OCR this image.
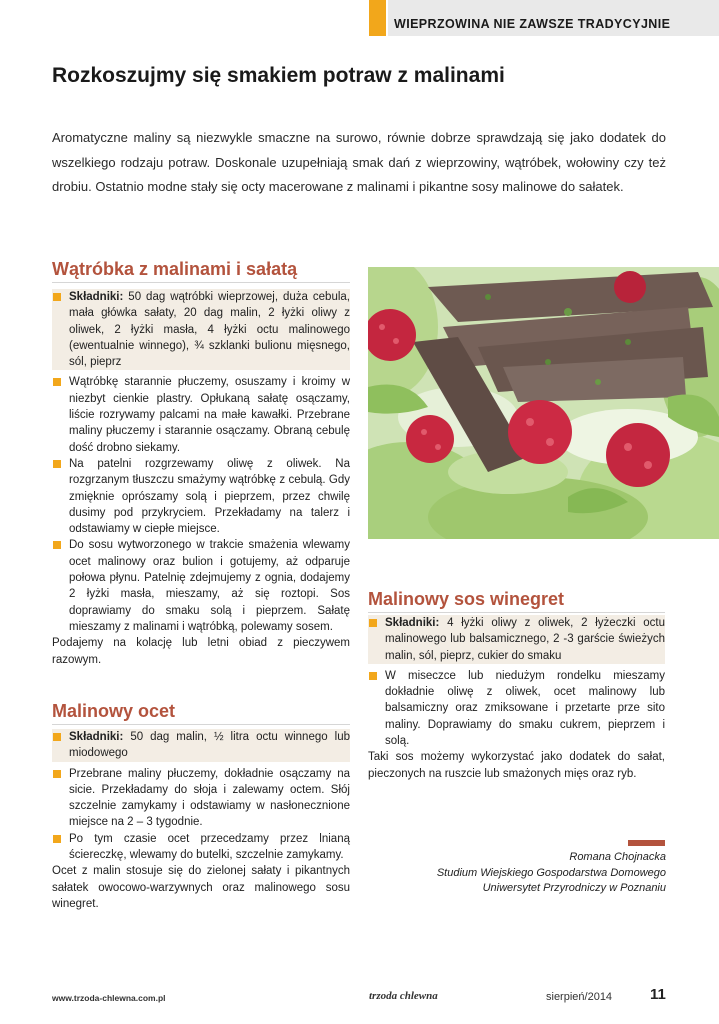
WIEPRZOWINA NIE ZAWSZE TRADYCYJNIE
Rozkoszujmy się smakiem potraw z malinami

Aromatyczne maliny są niezwykle smaczne na surowo, równie dobrze sprawdzają się jako dodatek do wszelkiego rodzaju potraw. Doskonale uzupełniają smak dań z wieprzowiny, wątróbek, wołowiny czy też drobiu. Ostatnio modne stały się octy macerowane z malinami i pikantne sosy malinowe do sałatek.

Wątróbka z malinami i sałatą
Składniki: 50 dag wątróbki wieprzowej, duża cebula, mała główka sałaty, 20 dag malin, 2 łyżki oliwy z oliwek, 2 łyżki masła, 4 łyżki octu malinowego (ewentualnie winnego), ¾ szklanki bulionu mięsnego, sól, pieprz
Wątróbkę starannie płuczemy, osuszamy i kroimy w niezbyt cienkie plastry. Opłukaną sałatę osączamy, liście rozrywamy palcami na małe kawałki. Przebrane maliny płuczemy i starannie osączamy. Obraną cebulę dość drobno siekamy.
Na patelni rozgrzewamy oliwę z oliwek. Na rozgrzanym tłuszczu smażymy wątróbkę z cebulą. Gdy zmięknie oprószamy solą i pieprzem, przez chwilę dusimy pod przykryciem. Przekładamy na talerz i odstawiamy w ciepłe miejsce.
Do sosu wytworzonego w trakcie smażenia wlewamy ocet malinowy oraz bulion i gotujemy, aż odparuje połowa płynu. Patelnię zdejmujemy z ognia, dodajemy 2 łyżki masła, mieszamy, aż się roztopi. Sos doprawiamy do smaku solą i pieprzem. Sałatę mieszamy z malinami i wątróbką, polewamy sosem.

Podajemy na kolację lub letni obiad z pieczywem razowym.

Malinowy ocet
Składniki: 50 dag malin, ½ litra octu winnego lub miodowego
Przebrane maliny płuczemy, dokładnie osączamy na sicie. Przekładamy do słoja i zalewamy octem. Słój szczelnie zamykamy i odstawiamy w nasłonecznione miejsce na 2 – 3 tygodnie.
Po tym czasie ocet przecedzamy przez lnianą ściereczkę, wlewamy do butelki, szczelnie zamykamy.

Ocet z malin stosuje się do zielonej sałaty i pikantnych sałatek owocowo-warzywnych oraz malinowego sosu winegret.

Malinowy sos winegret
Składniki: 4 łyżki oliwy z oliwek, 2 łyżeczki octu malinowego lub balsamicznego, 2 -3 garście świeżych malin, sól, pieprz, cukier do smaku
W miseczce lub niedużym rondelku mieszamy dokładnie oliwę z oliwek, ocet malinowy lub balsamiczny oraz zmiksowane i przetarte prze sito maliny. Doprawiamy do smaku cukrem, pieprzem i solą.

Taki sos możemy wykorzystać jako dodatek do sałat, pieczonych na ruszcie lub smażonych mięs oraz ryb.

Romana Chojnacka
Studium Wiejskiego Gospodarstwa Domowego
Uniwersytet Przyrodniczy w Poznaniu
www.trzoda-chlewna.com.pl	trzoda chlewna	sierpień/2014	11
